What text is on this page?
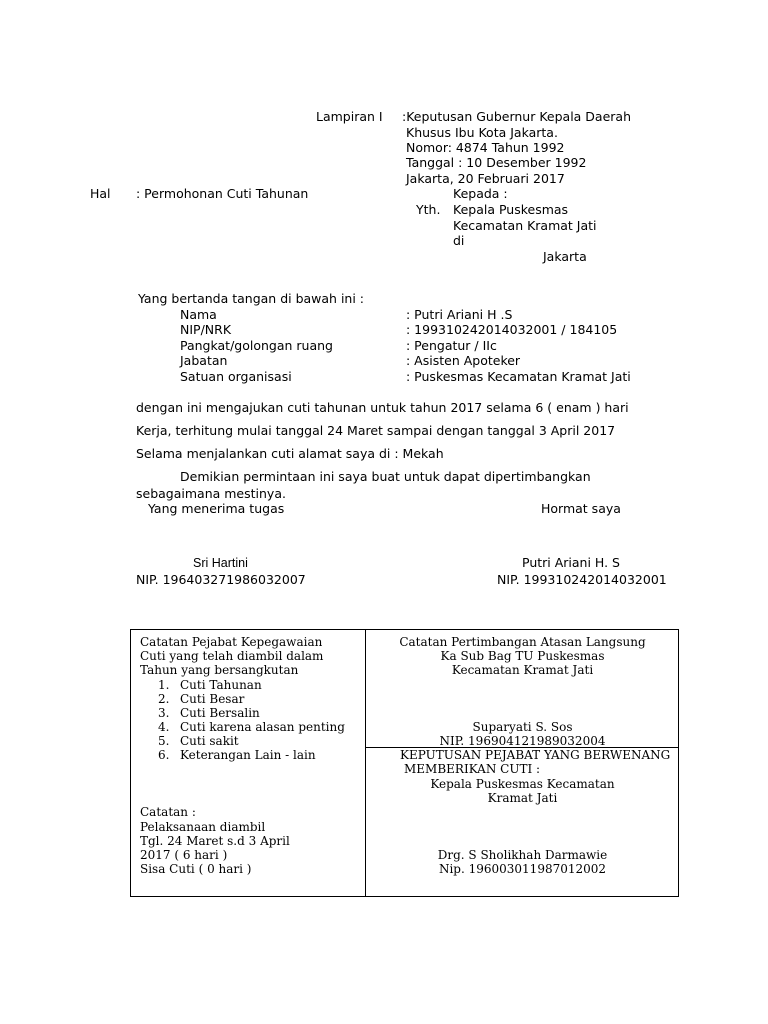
Lampiran I :Keputusan Gubernur Kepala Daerah
Khusus Ibu Kota Jakarta.
Nomor: 4874 Tahun 1992
Tanggal : 10 Desember 1992
Jakarta, 20 Februari 2017
Hal : Permohonan Cuti Tahunan	Kepada :
Yth. Kepala Puskesmas
Kecamatan Kramat Jati
di
Jakarta
Yang bertanda tangan di bawah ini :
Nama	: Putri Ariani H .S
NIP/NRK	: 199310242014032001 / 184105
Pangkat/golongan ruang	: Pengatur / IIc
Jabatan	: Asisten Apoteker
Satuan organisasi	: Puskesmas Kecamatan Kramat Jati
dengan ini mengajukan cuti tahunan untuk tahun 2017 selama 6 ( enam ) hari
Kerja, terhitung mulai tanggal 24 Maret sampai dengan tanggal 3 April 2017
Selama menjalankan cuti alamat saya di : Mekah
Demikian permintaan ini saya buat untuk dapat dipertimbangkan
sebagaimana mestinya.
Yang menerima tugas	Hormat saya
Sri Hartini	Putri Ariani H. S
NIP. 196403271986032007	NIP. 199310242014032001
Catatan Pejabat Kepegawaian
Cuti yang telah diambil dalam
Tahun yang bersangkutan
1. Cuti Tahunan
2. Cuti Besar
3. Cuti Bersalin
4. Cuti karena alasan penting
5. Cuti sakit
6. Keterangan Lain - lain
Catatan :
Pelaksanaan diambil
Tgl. 24 Maret s.d 3 April
2017 ( 6 hari )
Sisa Cuti ( 0 hari )
Catatan Pertimbangan Atasan Langsung
Ka Sub Bag TU Puskesmas
Kecamatan Kramat Jati
Suparyati S. Sos
NIP. 196904121989032004
KEPUTUSAN PEJABAT YANG BERWENANG
MEMBERIKAN CUTI :
Kepala Puskesmas Kecamatan
Kramat Jati
Drg. S Sholikhah Darmawie
Nip. 196003011987012002
